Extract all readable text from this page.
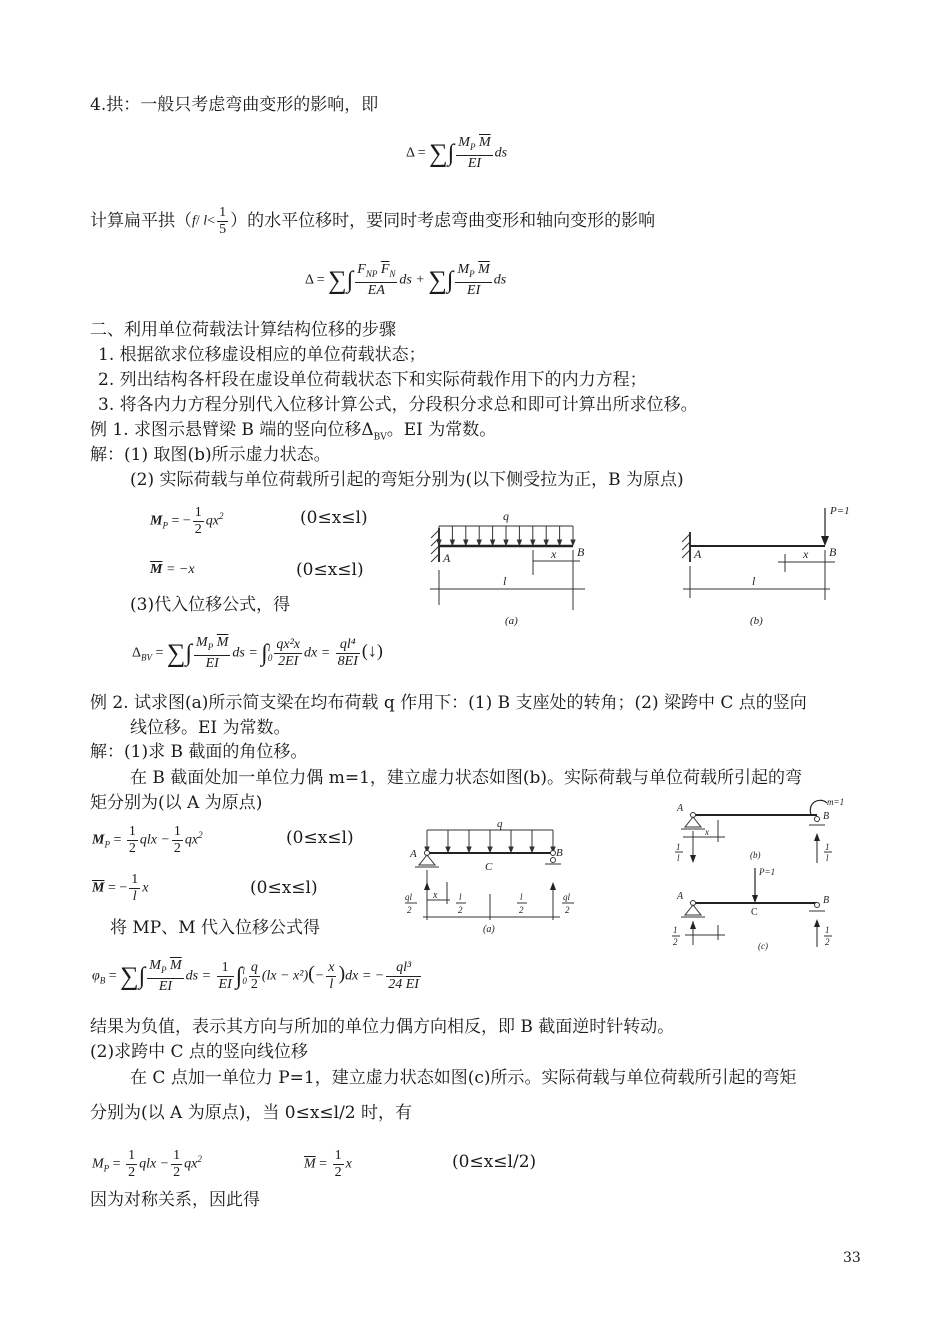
4.拱：一般只考虑弯曲变形的影响，即
Δ = ∑∫ $\frac{M_P \overline{M}}{EI}$ ds
计算扁平拱（f/ $l< \frac{1}{5}$ ）的水平位移时，要同时考虑弯曲变形和轴向变形的影响
Δ = ∑∫ $\frac{F_{NP} \overline{F}_N}{EA}$ ds + ∑∫ $\frac{M_P \overline{M}}{EI}$ ds
二、利用单位荷载法计算结构位移的步骤
1. 根据欲求位移虚设相应的单位荷载状态；
2. 列出结构各杆段在虚设单位荷载状态下和实际荷载作用下的内力方程；
3. 将各内力方程分别代入位移计算公式，分段积分求总和即可计算出所求位移。
例 1. 求图示悬臂梁 B 端的竖向位移$\Delta_{BV}$。EI 为常数。
解：(1) 取图(b)所示虚力状态。
(2) 实际荷载与单位荷载所引起的弯矩分别为(以下侧受拉为正，B 为原点)
$M_P$ = − $\frac{1}{2} qx^2$	(0≤x≤l)
$\overline{M} = -x$	(0≤x≤l)
(3)代入位移公式，得
$\Delta_{BV}$ = ∑∫ $\frac{M_P \overline{M}}{EI}$ ds = ∫ l
$0 \frac{\text{qx²x}}{2EI}$ dx = $\frac{\text{ql⁴}}{8EI}$ (↓)
q
A	B
x
l
(a)
P=1
A	B
x
l
(b)
例 2. 试求图(a)所示简支梁在均布荷载 q 作用下：(1) B 支座处的转角；(2) 梁跨中 C 点的竖向
线位移。EI 为常数。
解：(1)求 B 截面的角位移。
在 B 截面处加一单位力偶 m=1，建立虚力状态如图(b)。实际荷载与单位荷载所引起的弯
矩分别为(以 A 为原点)
$M_P = \frac{1}{2}$ qlx − $\frac{1}{2} qx^2$	(0≤x≤l)
$\overline{M}$ = − $\frac{1}{l}$ x	(0≤x≤l)
将 MP、M 代入位移公式得
$\varphi_B$ = ∑∫ $\frac{M_P \overline{M}}{EI}$ ds = $\frac{1}{EI}$ ∫ l
$0 \frac{q}{2} (lx - x^2)(- \frac{x}{l} )dx$ = − $\frac{\text{ql³}}{24 EI}$
q
A	B
C
x
ql
2
l
2
l
2
ql
2
(a)
m=1
A
B
x
1
l
1
l
(b)
P=1
A	B
C
1
2
1
2
(c)
结果为负值，表示其方向与所加的单位力偶方向相反，即 B 截面逆时针转动。
(2)求跨中 C 点的竖向线位移
在 C 点加一单位力 P=1，建立虚力状态如图(c)所示。实际荷载与单位荷载所引起的弯矩
分别为(以 A 为原点)，当 0≤x≤l/2 时，有
$M_P = \frac{1}{2}$ qlx − $\frac{1}{2} qx^2$	$\overline{M} = \frac{1}{2}$ x	(0≤x≤l/2)
因为对称关系，因此得
33
